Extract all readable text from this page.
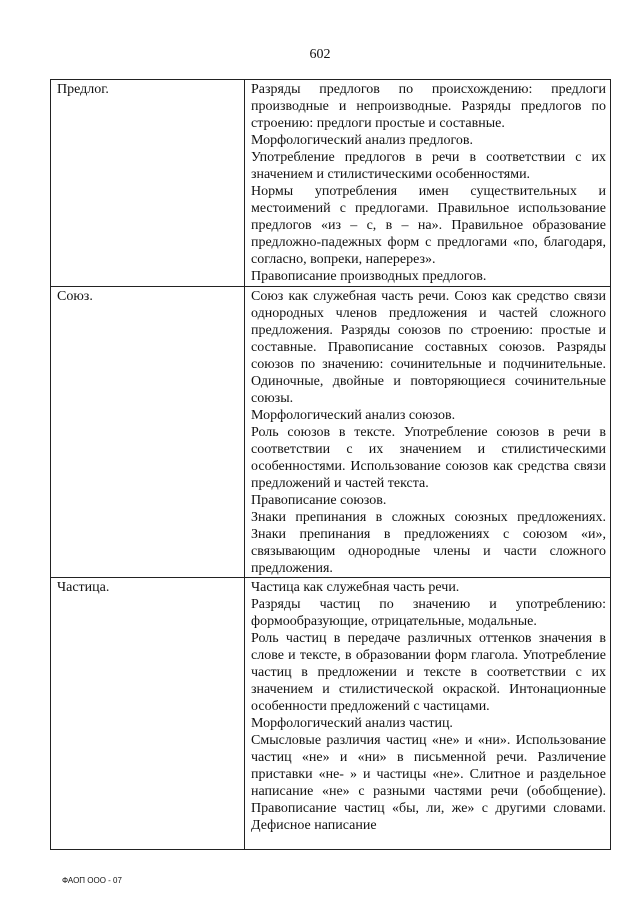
602
Предлог.	Разряды предлогов по происхождению: предлоги производные и непроизводные. Разряды предлогов по строению: предлоги простые и составные.

Морфологический анализ предлогов.

Употребление предлогов в речи в соответствии с их значением и стилистическими особенностями.

Нормы употребления имен существительных и местоимений с предлогами. Правильное использование предлогов «из – с, в – на». Правильное образование предложно-падежных форм с предлогами «по, благодаря, согласно, вопреки, наперерез».

Правописание производных предлогов.

Союз.	Союз как служебная часть речи. Союз как средство связи однородных членов предложения и частей сложного предложения. Разряды союзов по строению: простые и составные. Правописание составных союзов. Разряды союзов по значению: сочинительные и подчинительные. Одиночные, двойные и повторяющиеся сочинительные союзы.

Морфологический анализ союзов.

Роль союзов в тексте. Употребление союзов в речи в соответствии с их значением и стилистическими особенностями. Использование союзов как средства связи предложений и частей текста.

Правописание союзов.

Знаки препинания в сложных союзных предложениях. Знаки препинания в предложениях с союзом «и», связывающим однородные члены и части сложного предложения.

Частица.	Частица как служебная часть речи.

Разряды частиц по значению и употреблению: формообразующие, отрицательные, модальные.

Роль частиц в передаче различных оттенков значения в слове и тексте, в образовании форм глагола. Употребление частиц в предложении и тексте в соответствии с их значением и стилистической окраской. Интонационные особенности предложений с частицами.

Морфологический анализ частиц.

Смысловые различия частиц «не» и «ни». Использование частиц «не» и «ни» в письменной речи. Различение приставки «не- » и частицы «не». Слитное и раздельное написание «не» с разными частями речи (обобщение). Правописание частиц «бы, ли, же» с другими словами. Дефисное написание

ФАОП ООО - 07
